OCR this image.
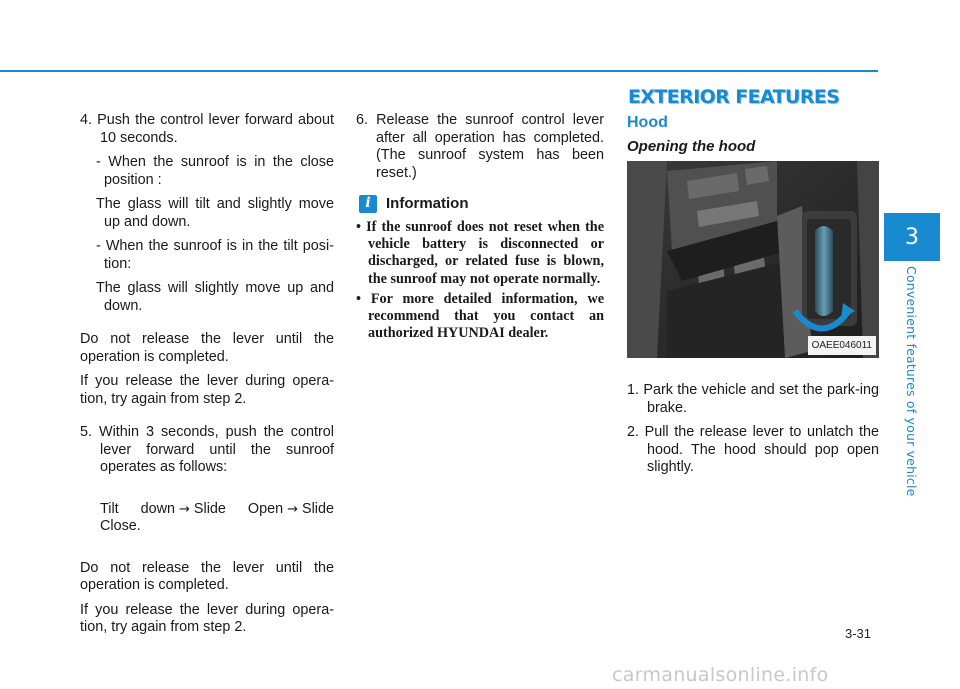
EXTERIOR FEATURES

4. Push the control lever forward about 10 seconds.

- When the sunroof is in the close position :

The glass will tilt and slightly move up and down.

- When the sunroof is in the tilt posi-tion:

The glass will slightly move up and down.

Do not release the lever until the operation is completed.

If you release the lever during opera-tion, try again from step 2.

5. Within 3 seconds, push the control lever forward until the sunroof operates as follows:

Tilt down → Slide Open → Slide Close.

Do not release the lever until the operation is completed.

If you release the lever during opera-tion, try again from step 2.

6. Release the sunroof control lever after all operation has completed. (The sunroof system has been reset.)

i	Information
• If the sunroof does not reset when the vehicle battery is disconnected or discharged, or related fuse is blown, the sunroof may not operate normally.
• For more detailed information, we recommend that you contact an authorized HYUNDAI dealer.
Hood
Opening the hood
OAEE046011

1. Park the vehicle and set the park-ing brake.

2. Pull the release lever to unlatch the hood. The hood should pop open slightly.

3
Convenient features of your vehicle
3-31
carmanualsonline.info
